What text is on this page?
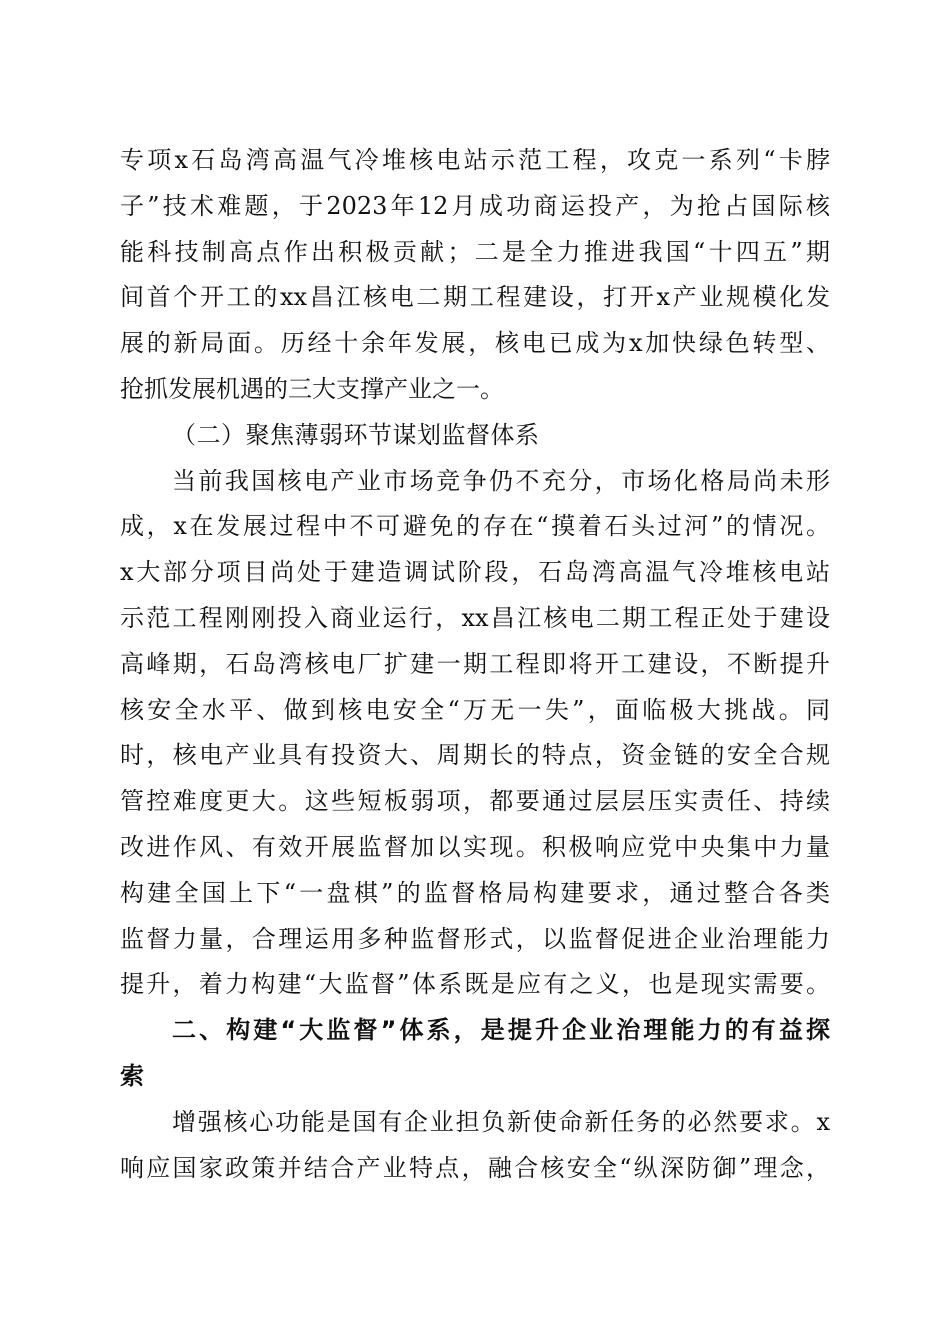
专项x石岛湾高温气冷堆核电站示范工程，攻克一系列“卡脖
子”技术难题，于2023年12月成功商运投产，为抢占国际核
能科技制高点作出积极贡献；二是全力推进我国“十四五”期
间首个开工的xx昌江核电二期工程建设，打开x产业规模化发
展的新局面。历经十余年发展，核电已成为x加快绿色转型、
抢抓发展机遇的三大支撑产业之一。
（二）聚焦薄弱环节谋划监督体系
当前我国核电产业市场竞争仍不充分，市场化格局尚未形
成，x在发展过程中不可避免的存在“摸着石头过河”的情况。
x大部分项目尚处于建造调试阶段，石岛湾高温气冷堆核电站
示范工程刚刚投入商业运行，xx昌江核电二期工程正处于建设
高峰期，石岛湾核电厂扩建一期工程即将开工建设，不断提升
核安全水平、做到核电安全“万无一失”，面临极大挑战。同
时，核电产业具有投资大、周期长的特点，资金链的安全合规
管控难度更大。这些短板弱项，都要通过层层压实责任、持续
改进作风、有效开展监督加以实现。积极响应党中央集中力量
构建全国上下“一盘棋”的监督格局构建要求，通过整合各类
监督力量，合理运用多种监督形式，以监督促进企业治理能力
提升，着力构建“大监督”体系既是应有之义，也是现实需要。
二、构建“大监督”体系，是提升企业治理能力的有益探
索
增强核心功能是国有企业担负新使命新任务的必然要求。x
响应国家政策并结合产业特点，融合核安全“纵深防御”理念，
